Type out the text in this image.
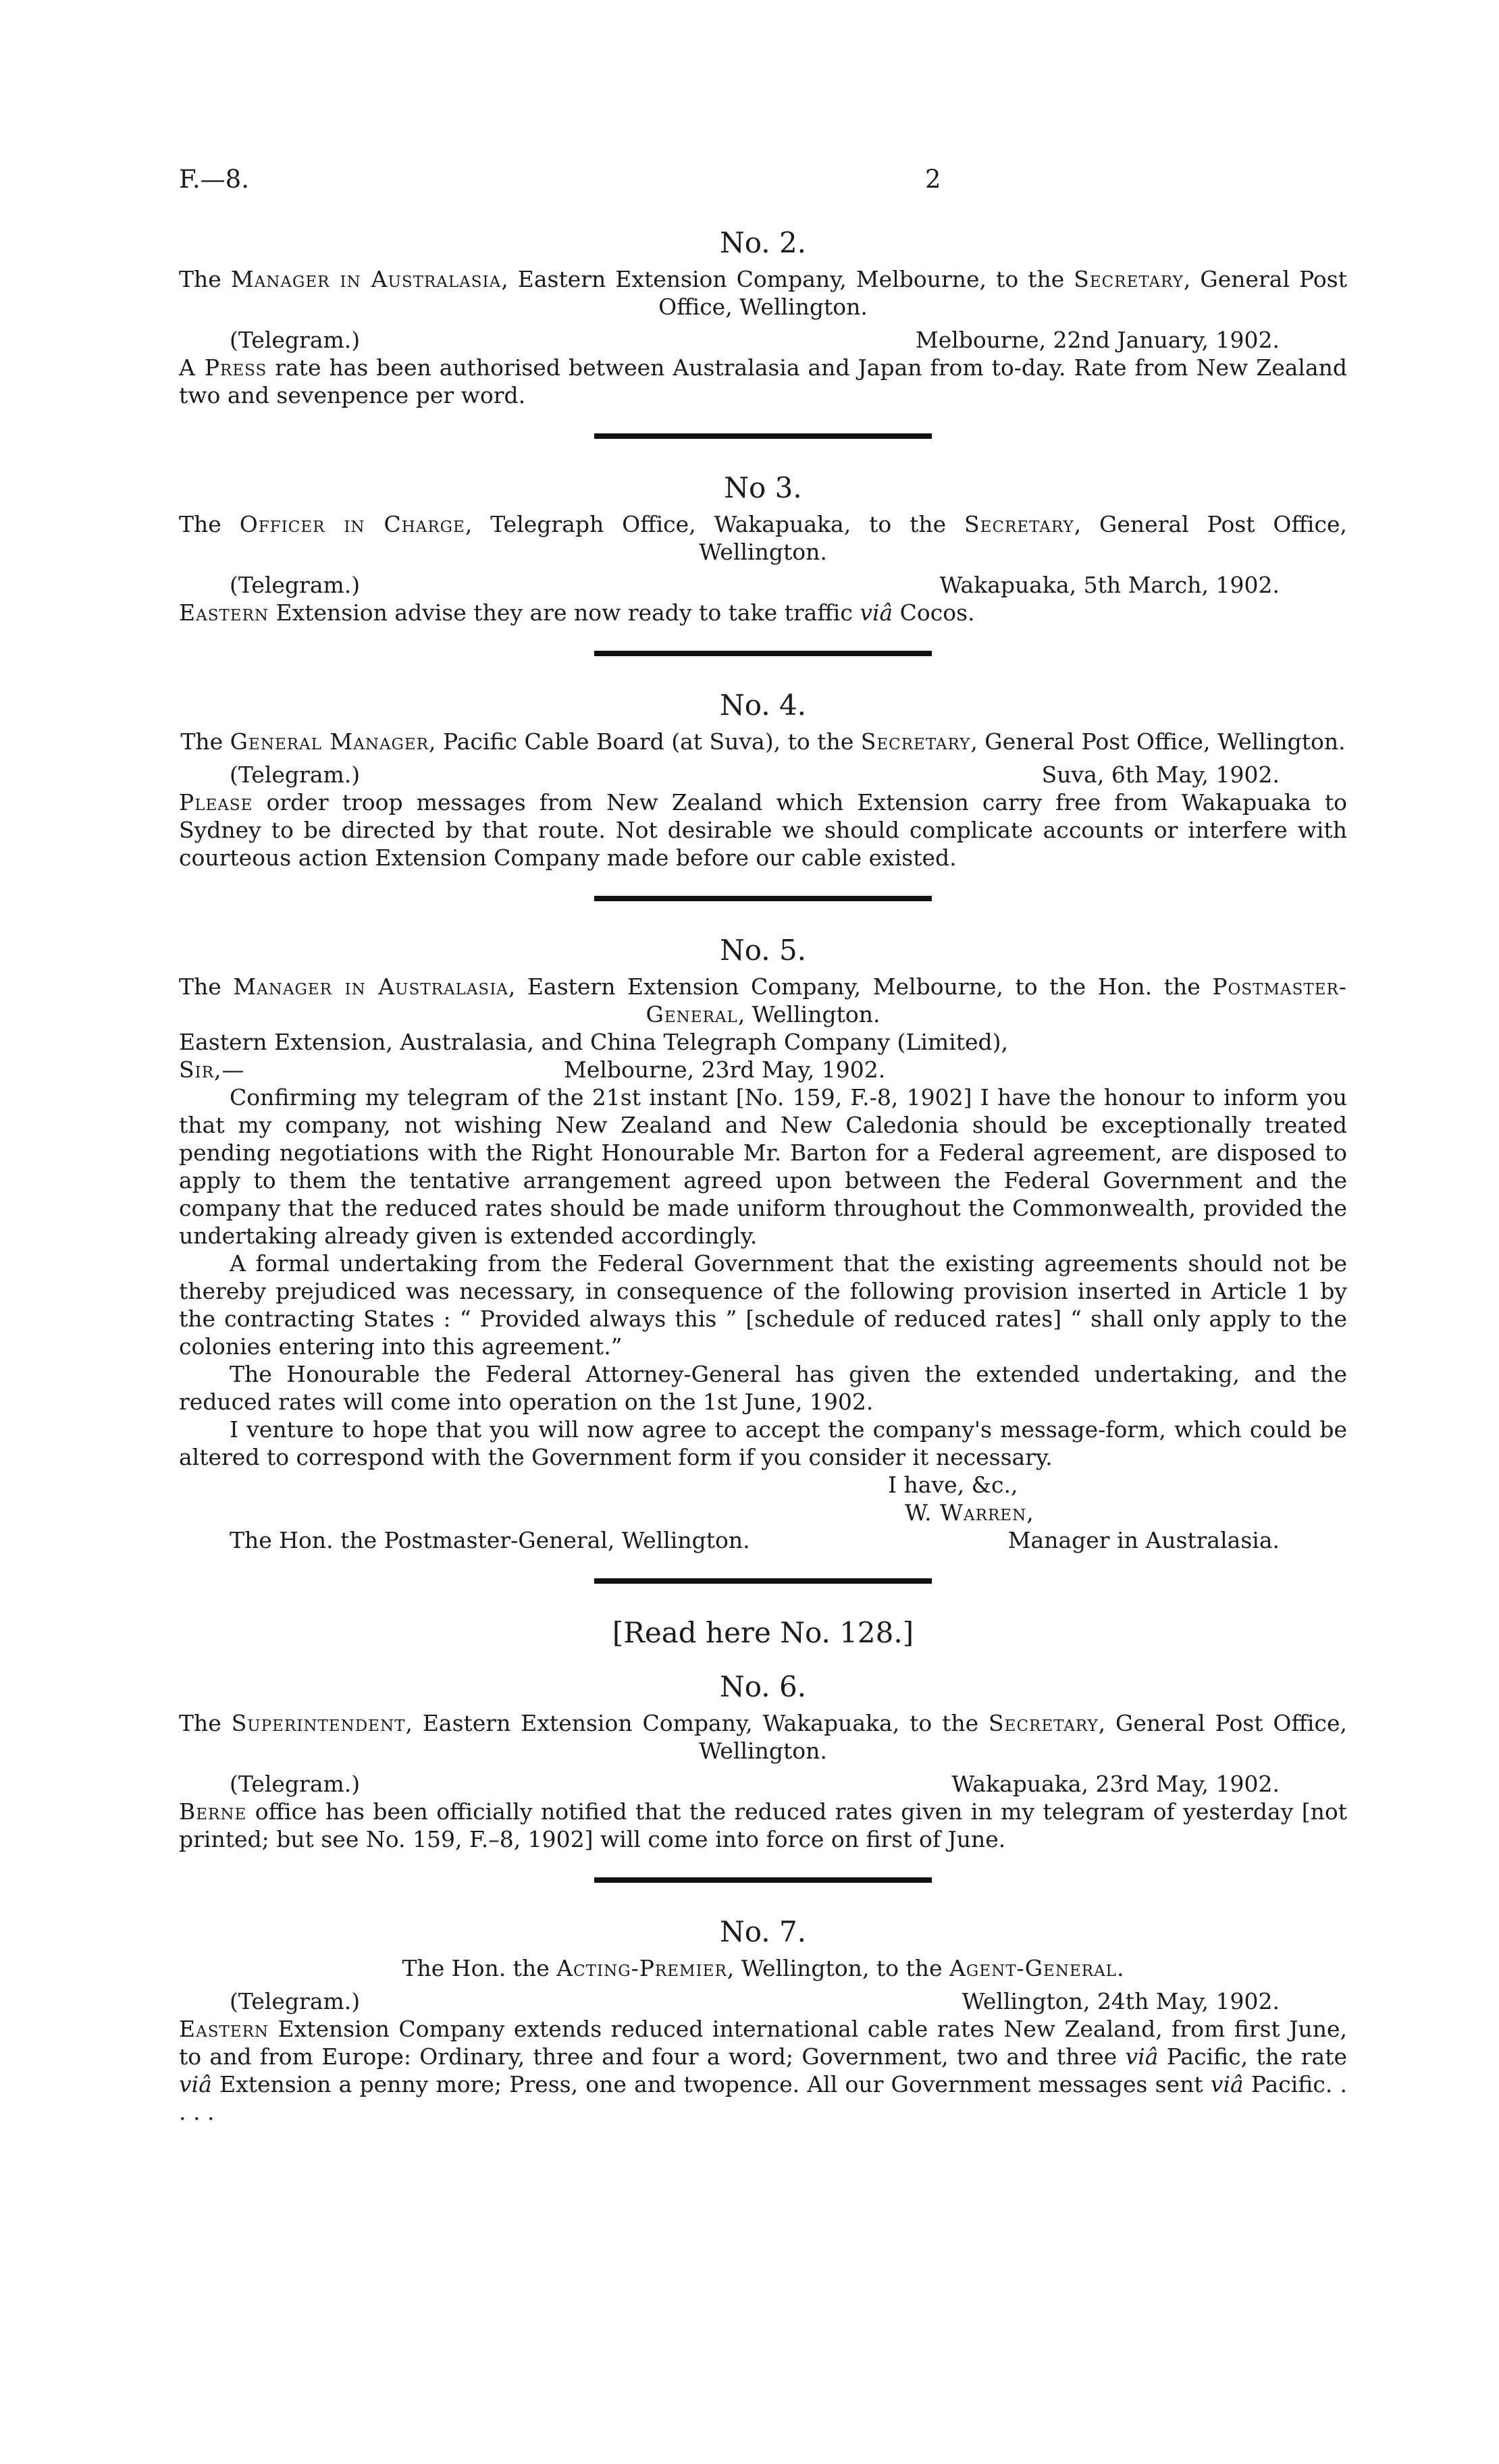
F.—8.	2
No. 2.

The Manager in Australasia, Eastern Extension Company, Melbourne, to the Secretary, General Post Office, Wellington.

(Telegram.)	Melbourne, 22nd January, 1902.

A Press rate has been authorised between Australasia and Japan from to-day. Rate from New Zealand two and sevenpence per word.

No 3.

The Officer in Charge, Telegraph Office, Wakapuaka, to the Secretary, General Post Office, Wellington.

(Telegram.)	Wakapuaka, 5th March, 1902.

Eastern Extension advise they are now ready to take traffic viâ Cocos.

No. 4.

The General Manager, Pacific Cable Board (at Suva), to the Secretary, General Post Office, Wellington.

(Telegram.)	Suva, 6th May, 1902.

Please order troop messages from New Zealand which Extension carry free from Wakapuaka to Sydney to be directed by that route. Not desirable we should complicate accounts or interfere with courteous action Extension Company made before our cable existed.

No. 5.

The Manager in Australasia, Eastern Extension Company, Melbourne, to the Hon. the Postmaster-General, Wellington.

Eastern Extension, Australasia, and China Telegraph Company (Limited),

Sir,—	Melbourne, 23rd May, 1902.

Confirming my telegram of the 21st instant [No. 159, F.-8, 1902] I have the honour to inform you that my company, not wishing New Zealand and New Caledonia should be exceptionally treated pending negotiations with the Right Honourable Mr. Barton for a Federal agreement, are disposed to apply to them the tentative arrangement agreed upon between the Federal Government and the company that the reduced rates should be made uniform throughout the Commonwealth, provided the undertaking already given is extended accordingly.

A formal undertaking from the Federal Government that the existing agreements should not be thereby prejudiced was necessary, in consequence of the following provision inserted in Article 1 by the contracting States : “ Provided always this ” [schedule of reduced rates] “ shall only apply to the colonies entering into this agreement.”

The Honourable the Federal Attorney-General has given the extended undertaking, and the reduced rates will come into operation on the 1st June, 1902.

I venture to hope that you will now agree to accept the company's message-form, which could be altered to correspond with the Government form if you consider it necessary.

I have, &c.,

W. Warren,

The Hon. the Postmaster-General, Wellington.	Manager in Australasia.
[Read here No. 128.]
No. 6.

The Superintendent, Eastern Extension Company, Wakapuaka, to the Secretary, General Post Office, Wellington.

(Telegram.)	Wakapuaka, 23rd May, 1902.

Berne office has been officially notified that the reduced rates given in my telegram of yesterday [not printed; but see No. 159, F.–8, 1902] will come into force on first of June.

No. 7.

The Hon. the Acting-Premier, Wellington, to the Agent-General.

(Telegram.)	Wellington, 24th May, 1902.

Eastern Extension Company extends reduced international cable rates New Zealand, from first June, to and from Europe: Ordinary, three and four a word; Government, two and three viâ Pacific, the rate viâ Extension a penny more; Press, one and twopence. All our Government messages sent viâ Pacific. . . . .
